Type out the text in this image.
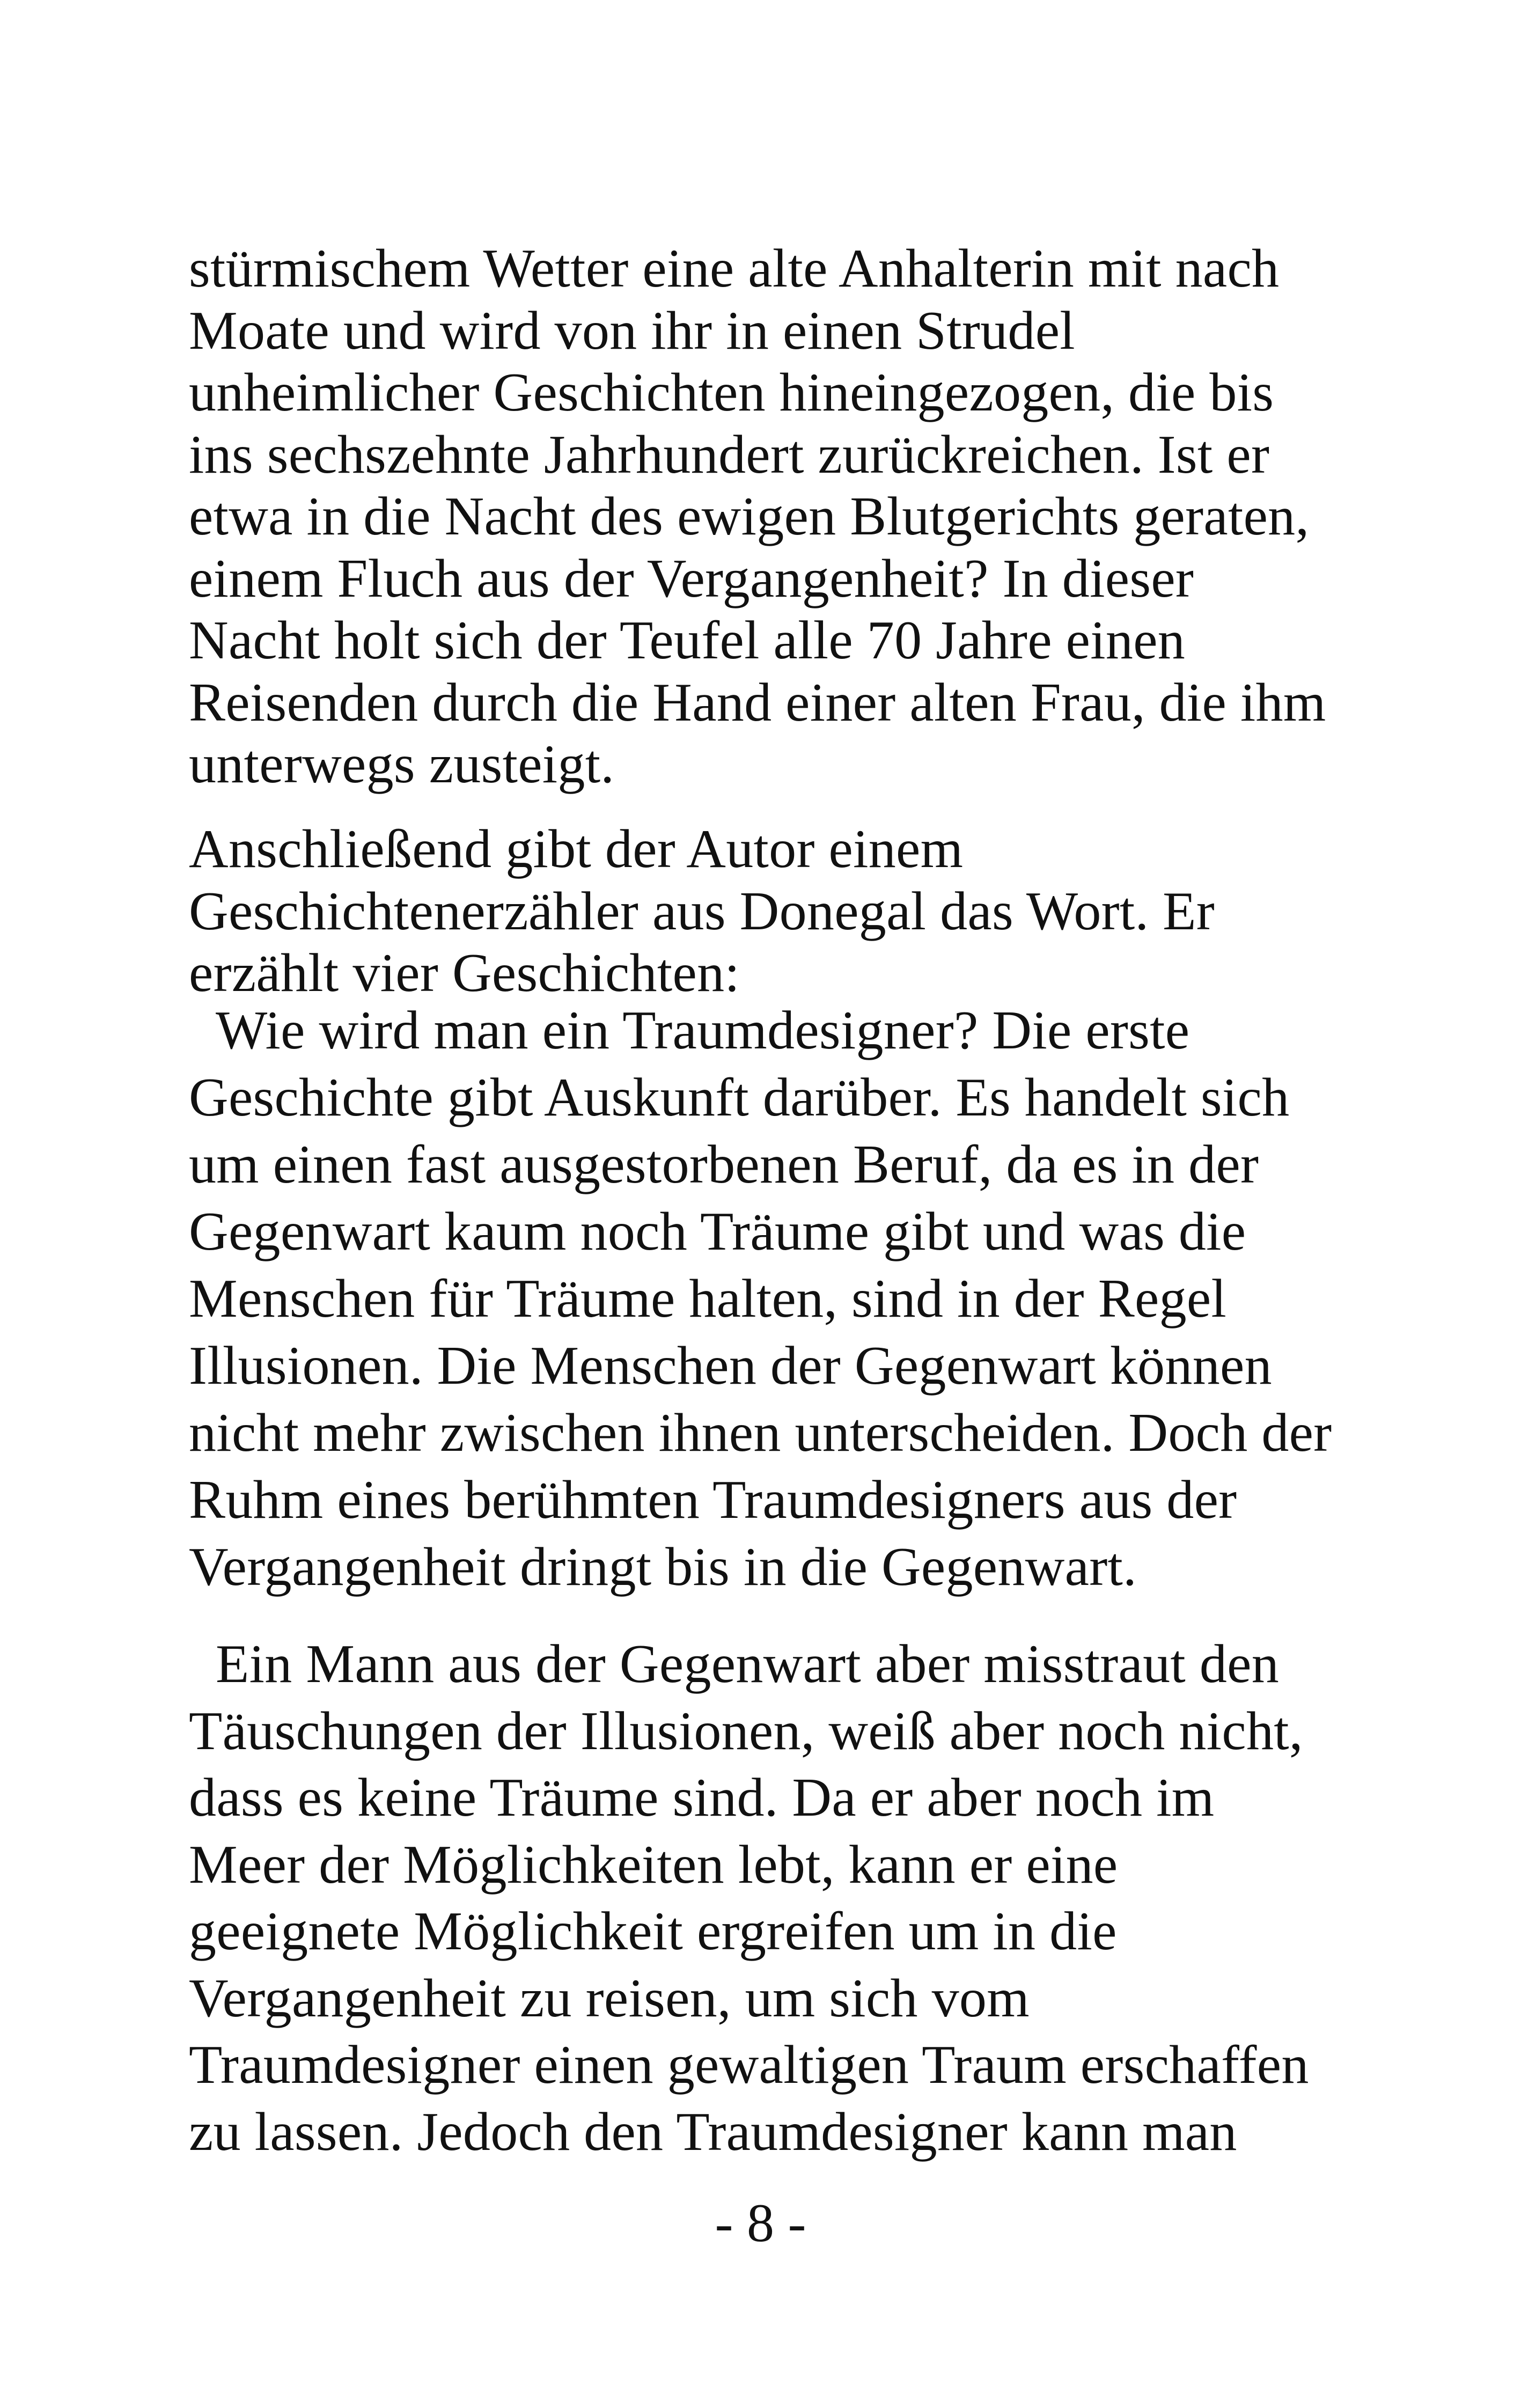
stürmischem Wetter eine alte Anhalterin mit nach
Moate und wird von ihr in einen Strudel
unheimlicher Geschichten hineingezogen, die bis
ins sechszehnte Jahrhundert zurückreichen. Ist er
etwa in die Nacht des ewigen Blutgerichts geraten,
einem Fluch aus der Vergangenheit? In dieser
Nacht holt sich der Teufel alle 70 Jahre einen
Reisenden durch die Hand einer alten Frau, die ihm
unterwegs zusteigt.
Anschließend gibt der Autor einem
Geschichtenerzähler aus Donegal das Wort. Er
erzählt vier Geschichten:
Wie wird man ein Traumdesigner? Die erste
Geschichte gibt Auskunft darüber. Es handelt sich
um einen fast ausgestorbenen Beruf, da es in der
Gegenwart kaum noch Träume gibt und was die
Menschen für Träume halten, sind in der Regel
Illusionen. Die Menschen der Gegenwart können
nicht mehr zwischen ihnen unterscheiden. Doch der
Ruhm eines berühmten Traumdesigners aus der
Vergangenheit dringt bis in die Gegenwart.
Ein Mann aus der Gegenwart aber misstraut den
Täuschungen der Illusionen, weiß aber noch nicht,
dass es keine Träume sind. Da er aber noch im
Meer der Möglichkeiten lebt, kann er eine
geeignete Möglichkeit ergreifen um in die
Vergangenheit zu reisen, um sich vom
Traumdesigner einen gewaltigen Traum erschaffen
zu lassen. Jedoch den Traumdesigner kann man
- 8 -
